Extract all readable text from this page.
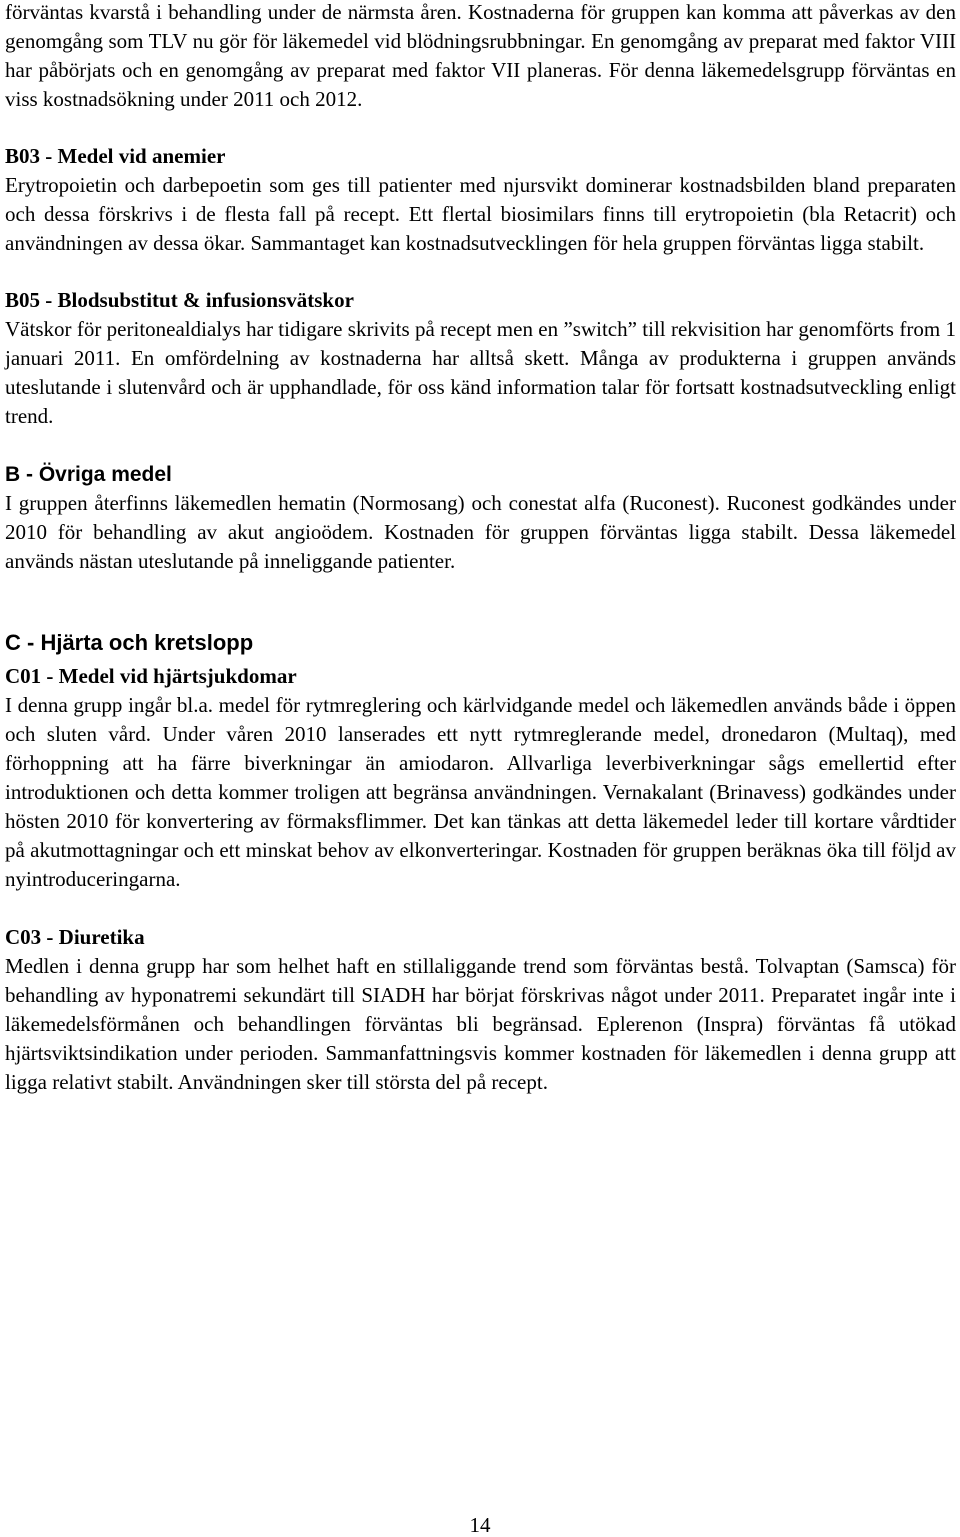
förväntas kvarstå i behandling under de närmsta åren. Kostnaderna för gruppen kan komma att påverkas av den genomgång som TLV nu gör för läkemedel vid blödningsrubbningar. En genomgång av preparat med faktor VIII har påbörjats och en genomgång av preparat med faktor VII planeras. För denna läkemedelsgrupp förväntas en viss kostnadsökning under 2011 och 2012.

B03 - Medel vid anemier

Erytropoietin och darbepoetin som ges till patienter med njursvikt dominerar kostnadsbilden bland preparaten och dessa förskrivs i de flesta fall på recept. Ett flertal biosimilars finns till erytropoietin (bla Retacrit) och användningen av dessa ökar. Sammantaget kan kostnadsutvecklingen för hela gruppen förväntas ligga stabilt.

B05 - Blodsubstitut & infusionsvätskor

Vätskor för peritonealdialys har tidigare skrivits på recept men en ”switch” till rekvisition har genomförts from 1 januari 2011. En omfördelning av kostnaderna har alltså skett. Många av produkterna i gruppen används uteslutande i slutenvård och är upphandlade, för oss känd information talar för fortsatt kostnadsutveckling enligt trend.

B - Övriga medel

I gruppen återfinns läkemedlen hematin (Normosang) och conestat alfa (Ruconest). Ruconest godkändes under 2010 för behandling av akut angioödem. Kostnaden för gruppen förväntas ligga stabilt. Dessa läkemedel används nästan uteslutande på inneliggande patienter.

C - Hjärta och kretslopp
C01 - Medel vid hjärtsjukdomar

I denna grupp ingår bl.a. medel för rytmreglering och kärlvidgande medel och läkemedlen används både i öppen och sluten vård. Under våren 2010 lanserades ett nytt rytmreglerande medel, dronedaron (Multaq), med förhoppning att ha färre biverkningar än amiodaron. Allvarliga leverbiverkningar sågs emellertid efter introduktionen och detta kommer troligen att begränsa användningen. Vernakalant (Brinavess) godkändes under hösten 2010 för konvertering av förmaksflimmer. Det kan tänkas att detta läkemedel leder till kortare vårdtider på akutmottagningar och ett minskat behov av elkonverteringar. Kostnaden för gruppen beräknas öka till följd av nyintroduceringarna.

C03 - Diuretika

Medlen i denna grupp har som helhet haft en stillaliggande trend som förväntas bestå. Tolvaptan (Samsca) för behandling av hyponatremi sekundärt till SIADH har börjat förskrivas något under 2011. Preparatet ingår inte i läkemedelsförmånen och behandlingen förväntas bli begränsad. Eplerenon (Inspra) förväntas få utökad hjärtsviktsindikation under perioden. Sammanfattningsvis kommer kostnaden för läkemedlen i denna grupp att ligga relativt stabilt. Användningen sker till största del på recept.

14
